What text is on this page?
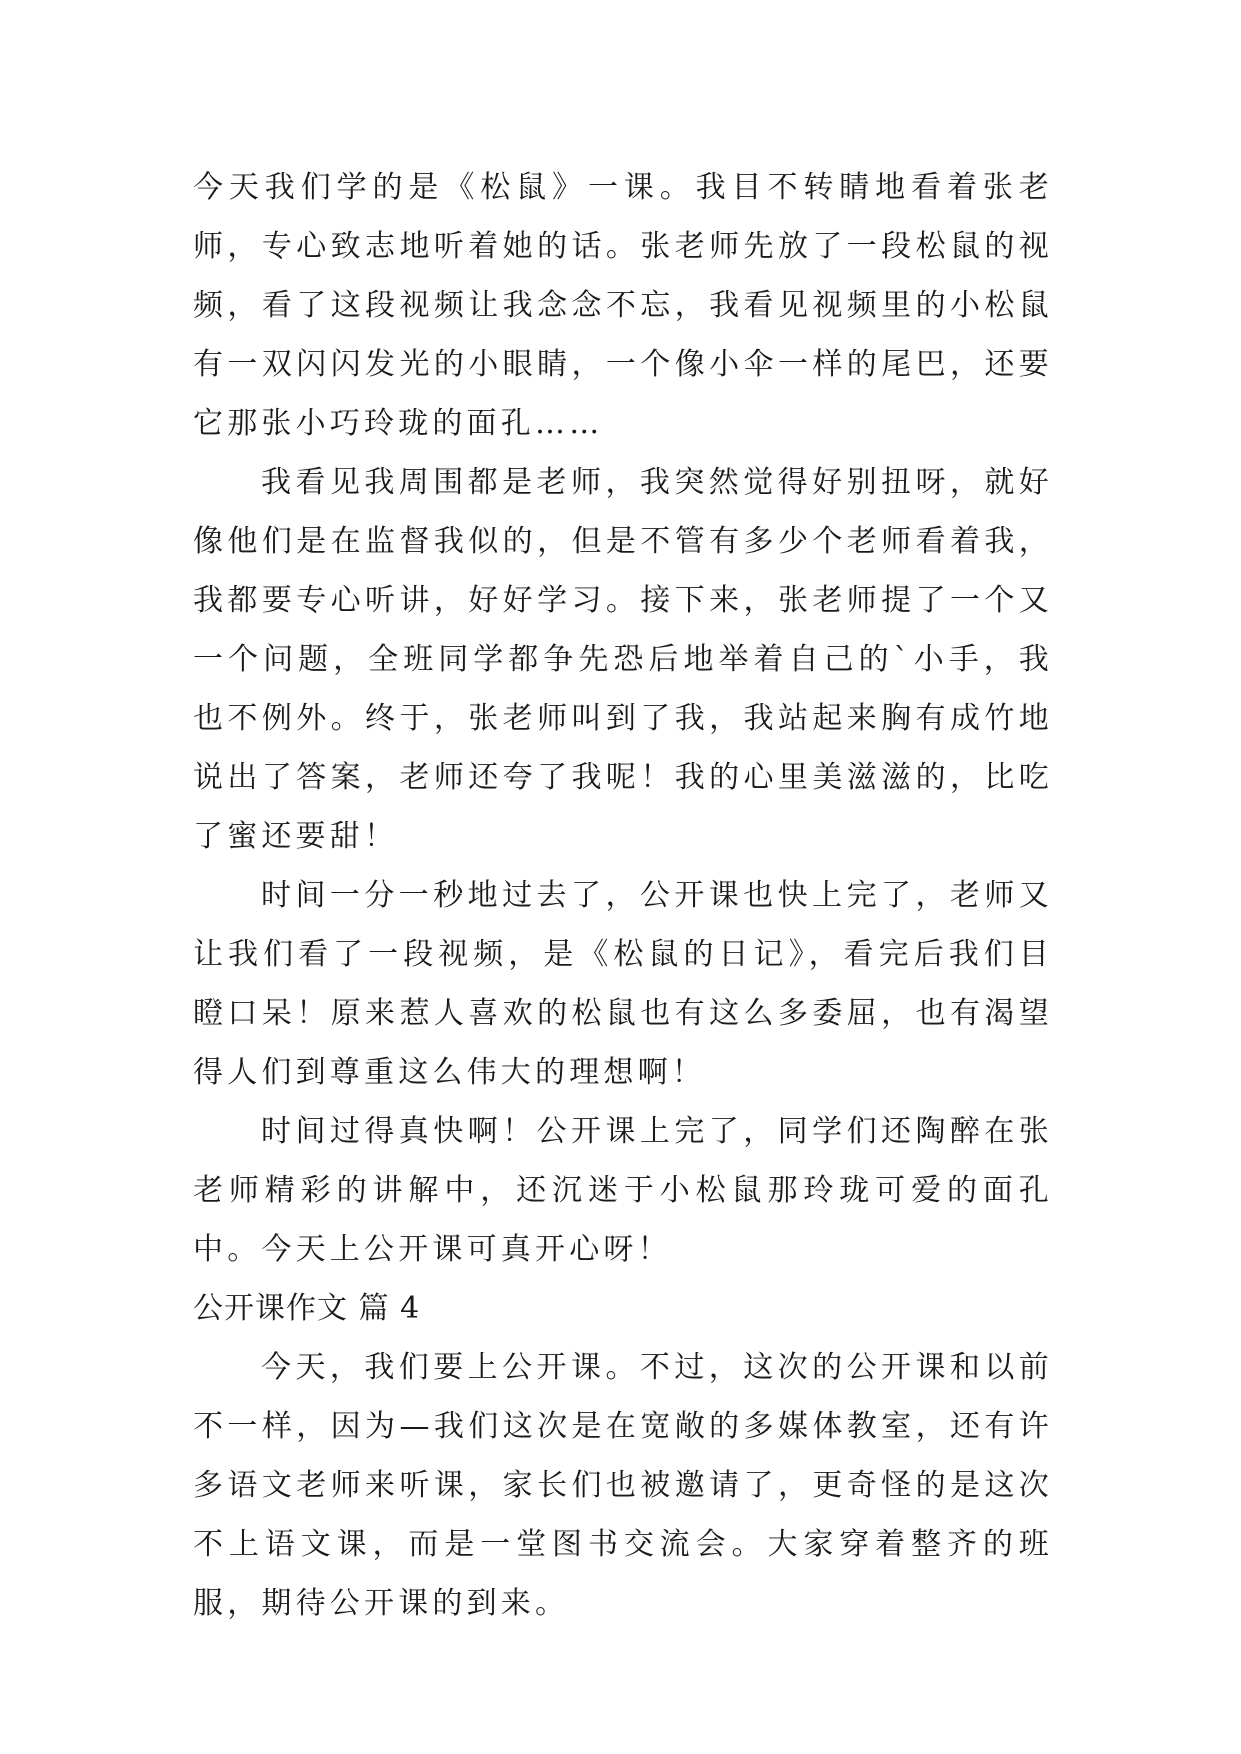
今天我们学的是《松鼠》一课。我目不转睛地看着张老师，专心致志地听着她的话。张老师先放了一段松鼠的视频，看了这段视频让我念念不忘，我看见视频里的小松鼠有一双闪闪发光的小眼睛，一个像小伞一样的尾巴，还要它那张小巧玲珑的面孔……

我看见我周围都是老师，我突然觉得好别扭呀，就好像他们是在监督我似的，但是不管有多少个老师看着我，我都要专心听讲，好好学习。接下来，张老师提了一个又一个问题，全班同学都争先恐后地举着自己的`小手，我也不例外。终于，张老师叫到了我，我站起来胸有成竹地说出了答案，老师还夸了我呢！我的心里美滋滋的，比吃了蜜还要甜！

时间一分一秒地过去了，公开课也快上完了，老师又让我们看了一段视频，是《松鼠的日记》，看完后我们目瞪口呆！原来惹人喜欢的松鼠也有这么多委屈，也有渴望得人们到尊重这么伟大的理想啊！

时间过得真快啊！公开课上完了，同学们还陶醉在张老师精彩的讲解中，还沉迷于小松鼠那玲珑可爱的面孔中。今天上公开课可真开心呀！

公开课作文 篇 4

今天，我们要上公开课。不过，这次的公开课和以前不一样，因为—我们这次是在宽敞的多媒体教室，还有许多语文老师来听课，家长们也被邀请了，更奇怪的是这次不上语文课，而是一堂图书交流会。大家穿着整齐的班服，期待公开课的到来。
